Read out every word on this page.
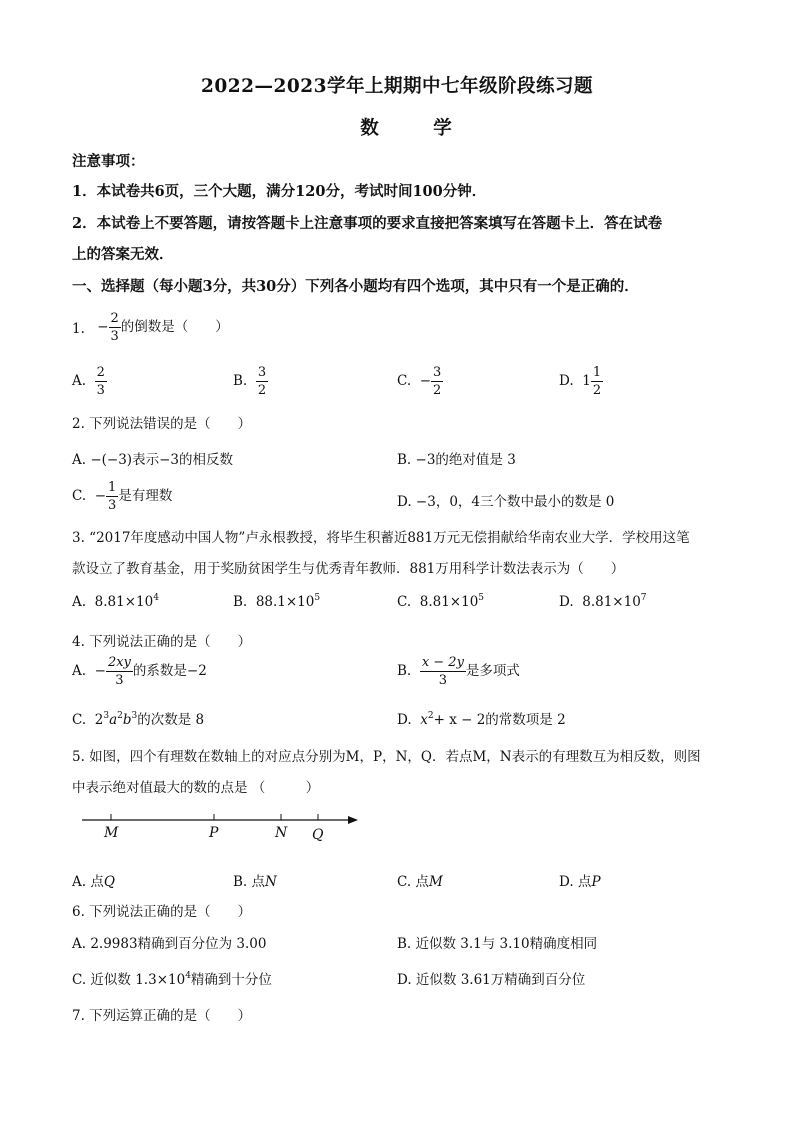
2022—2023学年上期期中七年级阶段练习题
数　学
注意事项：
1．本试卷共6页，三个大题，满分120分，考试时间100分钟．
2．本试卷上不要答题，请按答题卡上注意事项的要求直接把答案填写在答题卡上．答在试卷
上的答案无效．
一、选择题（每小题3分，共30分）下列各小题均有四个选项，其中只有一个是正确的．
1. − $\frac{2}{3}$ 的倒数是（　　）
A. $\frac{2}{3}$	B. $\frac{3}{2}$	C. − $\frac{3}{2}$	D. $1 \frac{1}{2}$
2. 下列说法错误的是（　　）
A. −(−3)表示−3的相反数	B. −3的绝对值是 3
C. − $\frac{1}{3}$ 是有理数	D. −3，0，4三个数中最小的数是 0
3. “2017年度感动中国人物”卢永根教授，将毕生积蓄近881万元无偿捐献给华南农业大学．学校用这笔
款设立了教育基金，用于奖励贫困学生与优秀青年教师．881万用科学计数法表示为（　　）
A. $8.81\times 10^4$	B. $88.1\times 10^5$	C. $8.81\times 10^5$	D. $8.81\times 10^7$
4. 下列说法正确的是（　　）
A. − $\frac{2xy}{3}$ 的系数是−2	B. $\frac{x - 2y}{3}$ 是多项式
C. $2^3a^2b^3$的次数是 8	D. $x^2+ x - 2$的常数项是 2
5. 如图，四个有理数在数轴上的对应点分别为M，P，N，Q．若点M，N表示的有理数互为相反数，则图
中表示绝对值最大的数的点是 （　　　）
M	P	N Q
A. 点Q	B. 点N	C. 点M	D. 点P
6. 下列说法正确的是（　　）
A. 2.9983精确到百分位为 3.00	B. 近似数 3.1与 3.10精确度相同
C. 近似数 $1.3\times 10^4$精确到十分位	D. 近似数 3.61万精确到百分位
7. 下列运算正确的是（　　）
